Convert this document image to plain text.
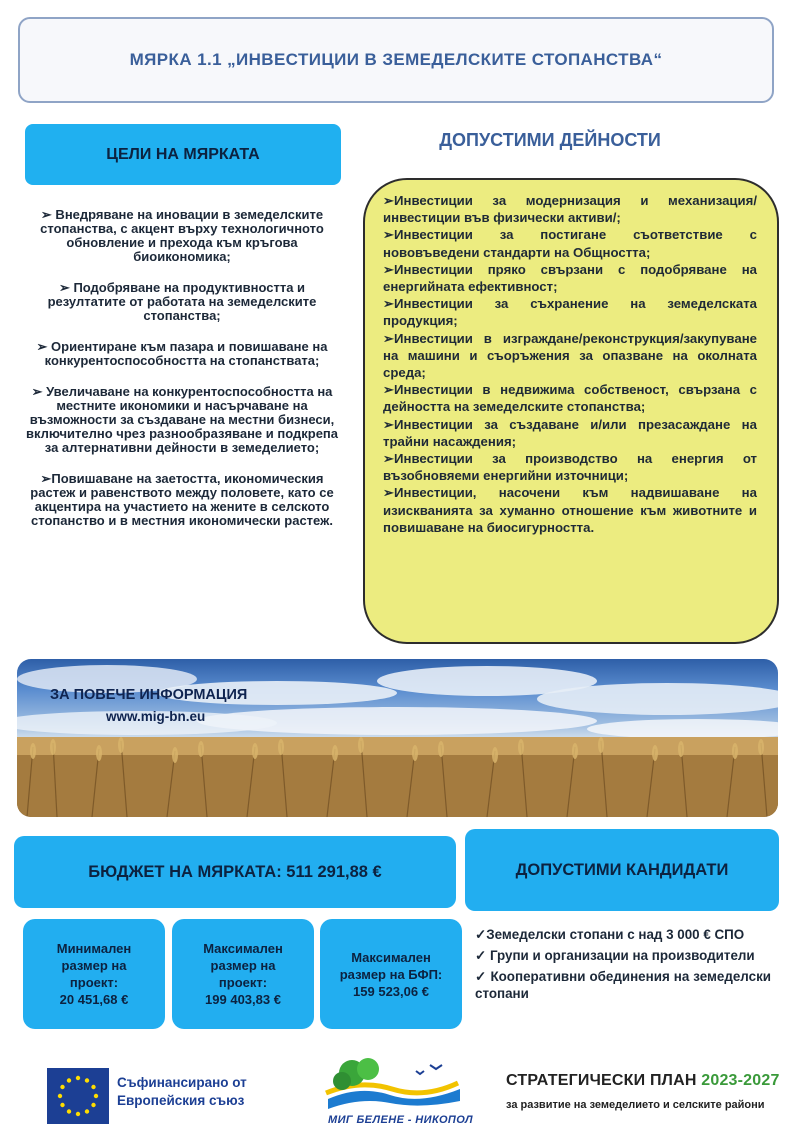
МЯРКА 1.1 „ИНВЕСТИЦИИ В ЗЕМЕДЕЛСКИТЕ СТОПАНСТВА“
ЦЕЛИ НА МЯРКАТА

➢ Внедряване на иновации в земеделските стопанства, с акцент върху технологичното обновление и прехода към кръгова биоикономика;

➢ Подобряване на продуктивността и резултатите от работата на земеделските стопанства;

➢ Ориентиране към пазара и повишаване на конкурентоспособността на стопанствата;

➢ Увеличаване на конкурентоспособността на местните икономики и насърчаване на възможности за създаване на местни бизнеси, включително чрез разнообразяване и подкрепа за алтернативни дейности в земеделието;

➢Повишаване на заетостта, икономическия растеж и равенството между половете, като се акцентира на участието на жените в селското стопанство и в местния икономически растеж.

ДОПУСТИМИ ДЕЙНОСТИ

➢Инвестиции за модернизация и механизация/инвестиции във физически активи/;

➢Инвестиции за постигане съответствие с нововъведени стандарти на Общността;

➢Инвестиции пряко свързани с подобряване на енергийната ефективност;

➢Инвестиции за съхранение на земеделската продукция;

➢Инвестиции в изграждане/реконструкция/закупуване на машини и съоръжения за опазване на околната среда;

➢Инвестиции в недвижима собственост, свързана с дейността на земеделските стопанства;

➢Инвестиции за създаване и/или презасаждане на трайни насаждения;

➢Инвестиции за производство на енергия от възобновяеми енергийни източници;

➢Инвестиции, насочени към надвишаване на изискванията за хуманно отношение към животните и повишаване на биосигурността.

ЗА ПОВЕЧЕ ИНФОРМАЦИЯ
www.mig-bn.eu
БЮДЖЕТ НА МЯРКАТА: 511 291,88 €	ДОПУСТИМИ КАНДИДАТИ
Минимален размер на проект:
20 451,68 €
Максимален размер на проект:
199 403,83 €
Максимален размер на БФП:
159 523,06 €

✓Земеделски стопани с над 3 000 € СПО

✓ Групи и организации на производители

✓ Кооперативни обединения на земеделски стопани

Съфинансирано от
Европейския съюз
МИГ БЕЛЕНЕ - НИКОПОЛ
СТРАТЕГИЧЕСКИ ПЛАН 2023-2027
за развитие на земеделието и селските райони
